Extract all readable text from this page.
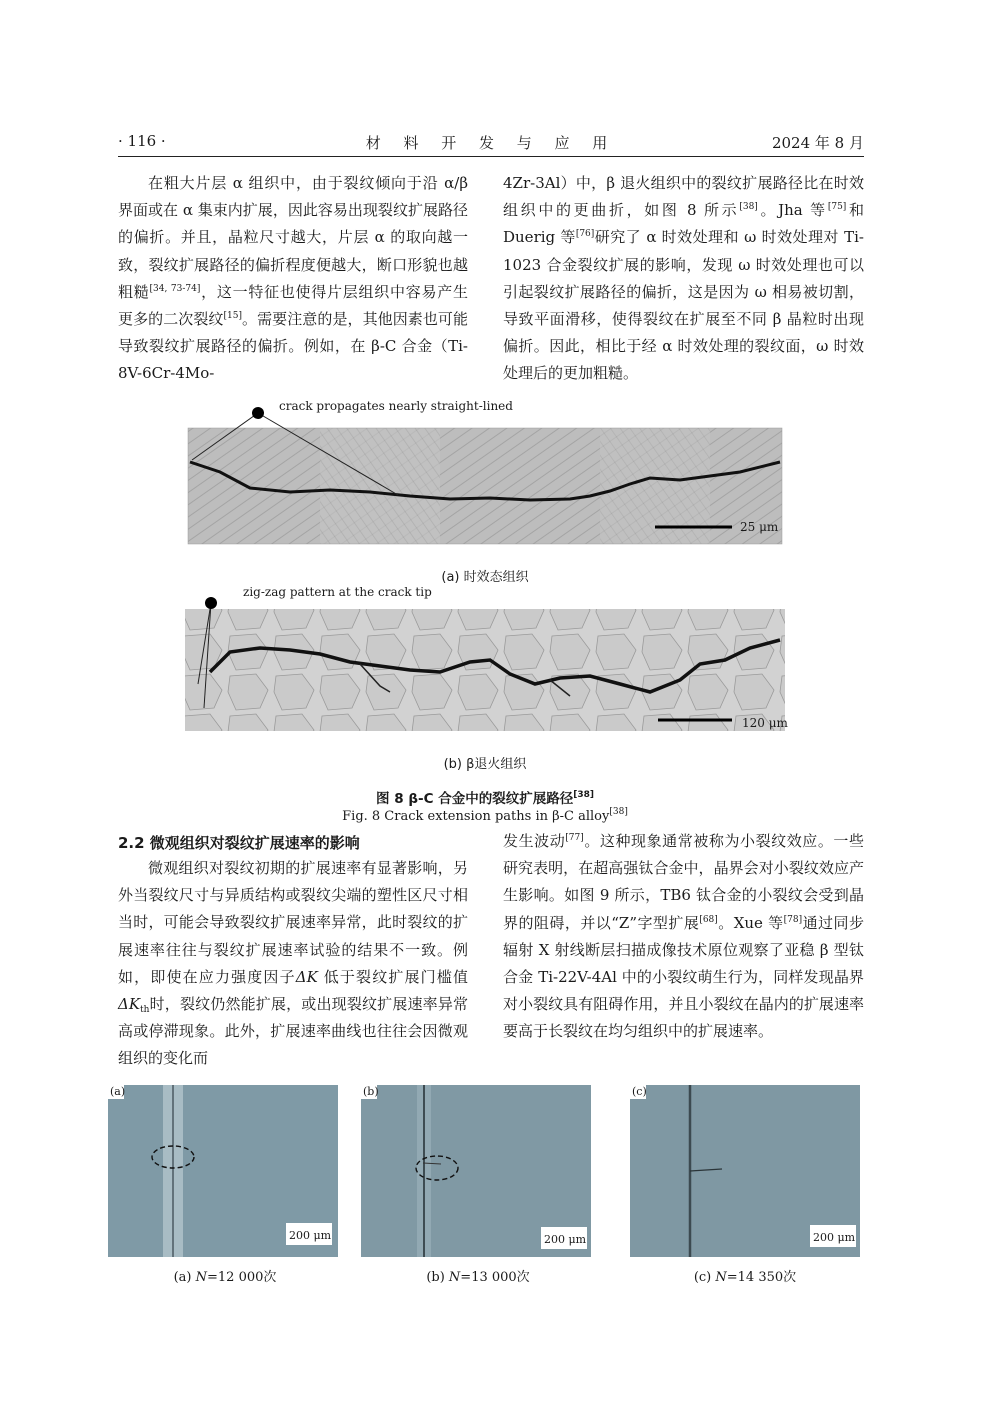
· 116 ·	材 料 开 发 与 应 用	2024 年 8 月

在粗大片层 α 组织中，由于裂纹倾向于沿 α/β 界面或在 α 集束内扩展，因此容易出现裂纹扩展路径的偏折。并且，晶粒尺寸越大，片层 α 的取向越一致，裂纹扩展路径的偏折程度便越大，断口形貌也越粗糙[34, 73-74]，这一特征也使得片层组织中容易产生更多的二次裂纹[15]。需要注意的是，其他因素也可能导致裂纹扩展路径的偏折。例如，在 β-C 合金（Ti-8V-6Cr-4Mo-

4Zr-3Al）中，β 退火组织中的裂纹扩展路径比在时效组织中的更曲折，如图 8 所示[38]。Jha 等[75]和 Duerig 等[76]研究了 α 时效处理和 ω 时效处理对 Ti-1023 合金裂纹扩展的影响，发现 ω 时效处理也可以引起裂纹扩展路径的偏折，这是因为 ω 相易被切割，导致平面滑移，使得裂纹在扩展至不同 β 晶粒时出现偏折。因此，相比于经 α 时效处理的裂纹面，ω 时效处理后的更加粗糙。

crack propagates nearly straight-lined
25 μm
(a) 时效态组织
zig-zag pattern at the crack tip
120 μm
(b) β退火组织
图 8 β-C 合金中的裂纹扩展路径[38]
Fig. 8 Crack extension paths in β-C alloy[38]
2.2 微观组织对裂纹扩展速率的影响

微观组织对裂纹初期的扩展速率有显著影响，另外当裂纹尺寸与异质结构或裂纹尖端的塑性区尺寸相当时，可能会导致裂纹扩展速率异常，此时裂纹的扩展速率往往与裂纹扩展速率试验的结果不一致。例如，即使在应力强度因子ΔK 低于裂纹扩展门槛值 $\Delta K_{th}$时，裂纹仍然能扩展，或出现裂纹扩展速率异常高或停滞现象。此外，扩展速率曲线也往往会因微观组织的变化而

发生波动[77]。这种现象通常被称为小裂纹效应。一些研究表明，在超高强钛合金中，晶界会对小裂纹效应产生影响。如图 9 所示，TB6 钛合金的小裂纹会受到晶界的阻碍，并以“Z”字型扩展[68]。Xue 等[78]通过同步辐射 X 射线断层扫描成像技术原位观察了亚稳 β 型钛合金 Ti-22V-4Al 中的小裂纹萌生行为，同样发现晶界对小裂纹具有阻碍作用，并且小裂纹在晶内的扩展速率要高于长裂纹在均匀组织中的扩展速率。

(a)
200 μm
(b)
200 μm
(c)
200 μm
(a) N=12 000次	(b) N=13 000次	(c) N=14 350次
